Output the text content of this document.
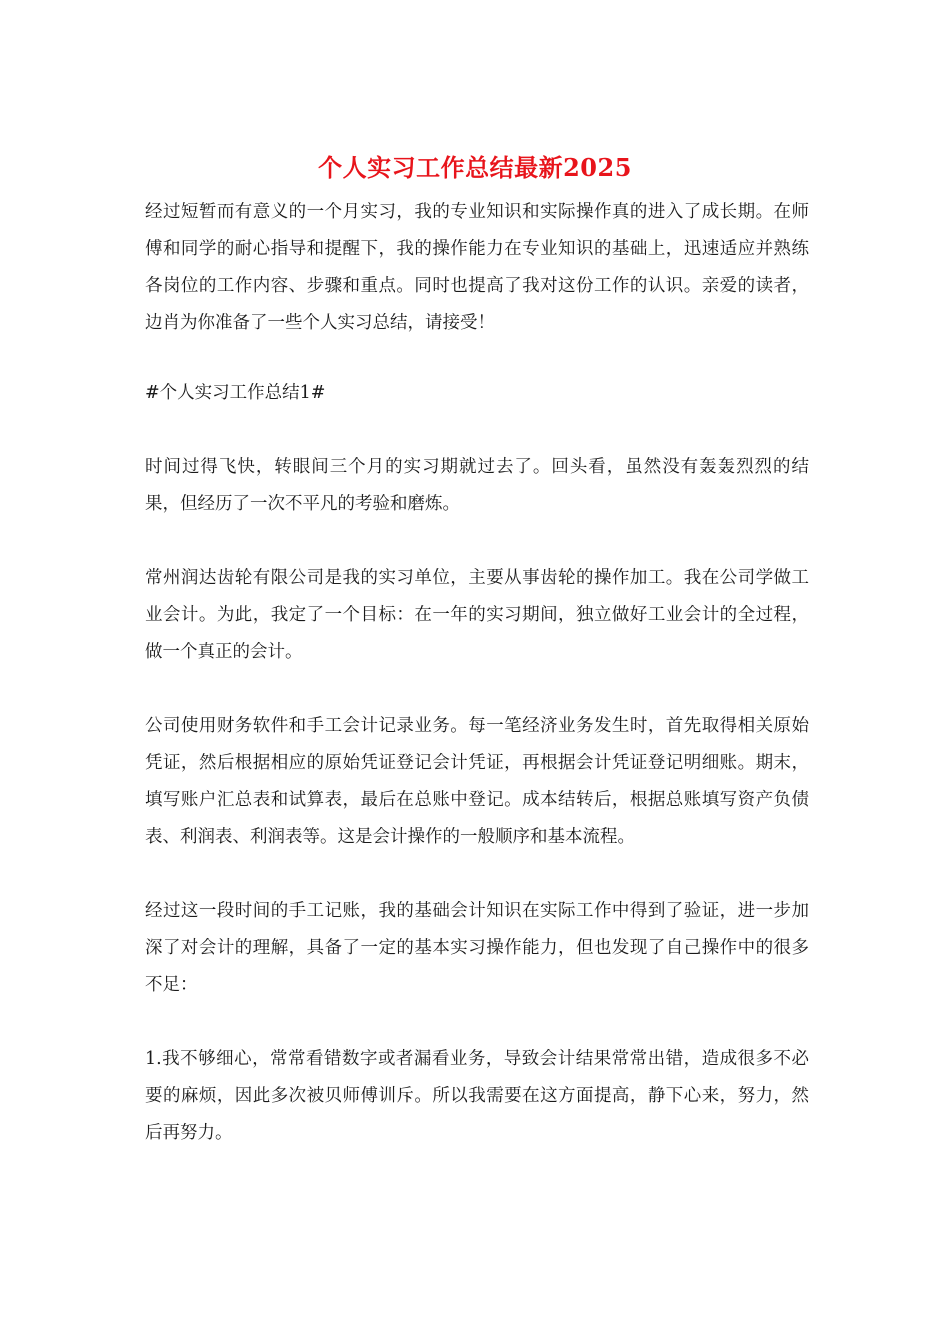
个人实习工作总结最新2025

经过短暂而有意义的一个月实习，我的专业知识和实际操作真的进入了成长期。在师傅和同学的耐心指导和提醒下，我的操作能力在专业知识的基础上，迅速适应并熟练各岗位的工作内容、步骤和重点。同时也提高了我对这份工作的认识。亲爱的读者，边肖为你准备了一些个人实习总结，请接受！

#个人实习工作总结1#

时间过得飞快，转眼间三个月的实习期就过去了。回头看，虽然没有轰轰烈烈的结果，但经历了一次不平凡的考验和磨炼。

常州润达齿轮有限公司是我的实习单位，主要从事齿轮的操作加工。我在公司学做工业会计。为此，我定了一个目标：在一年的实习期间，独立做好工业会计的全过程，做一个真正的会计。

公司使用财务软件和手工会计记录业务。每一笔经济业务发生时，首先取得相关原始凭证，然后根据相应的原始凭证登记会计凭证，再根据会计凭证登记明细账。期末，填写账户汇总表和试算表，最后在总账中登记。成本结转后，根据总账填写资产负债表、利润表、利润表等。这是会计操作的一般顺序和基本流程。

经过这一段时间的手工记账，我的基础会计知识在实际工作中得到了验证，进一步加深了对会计的理解，具备了一定的基本实习操作能力，但也发现了自己操作中的很多不足：

1.我不够细心，常常看错数字或者漏看业务，导致会计结果常常出错，造成很多不必要的麻烦，因此多次被贝师傅训斥。所以我需要在这方面提高，静下心来，努力，然后再努力。
